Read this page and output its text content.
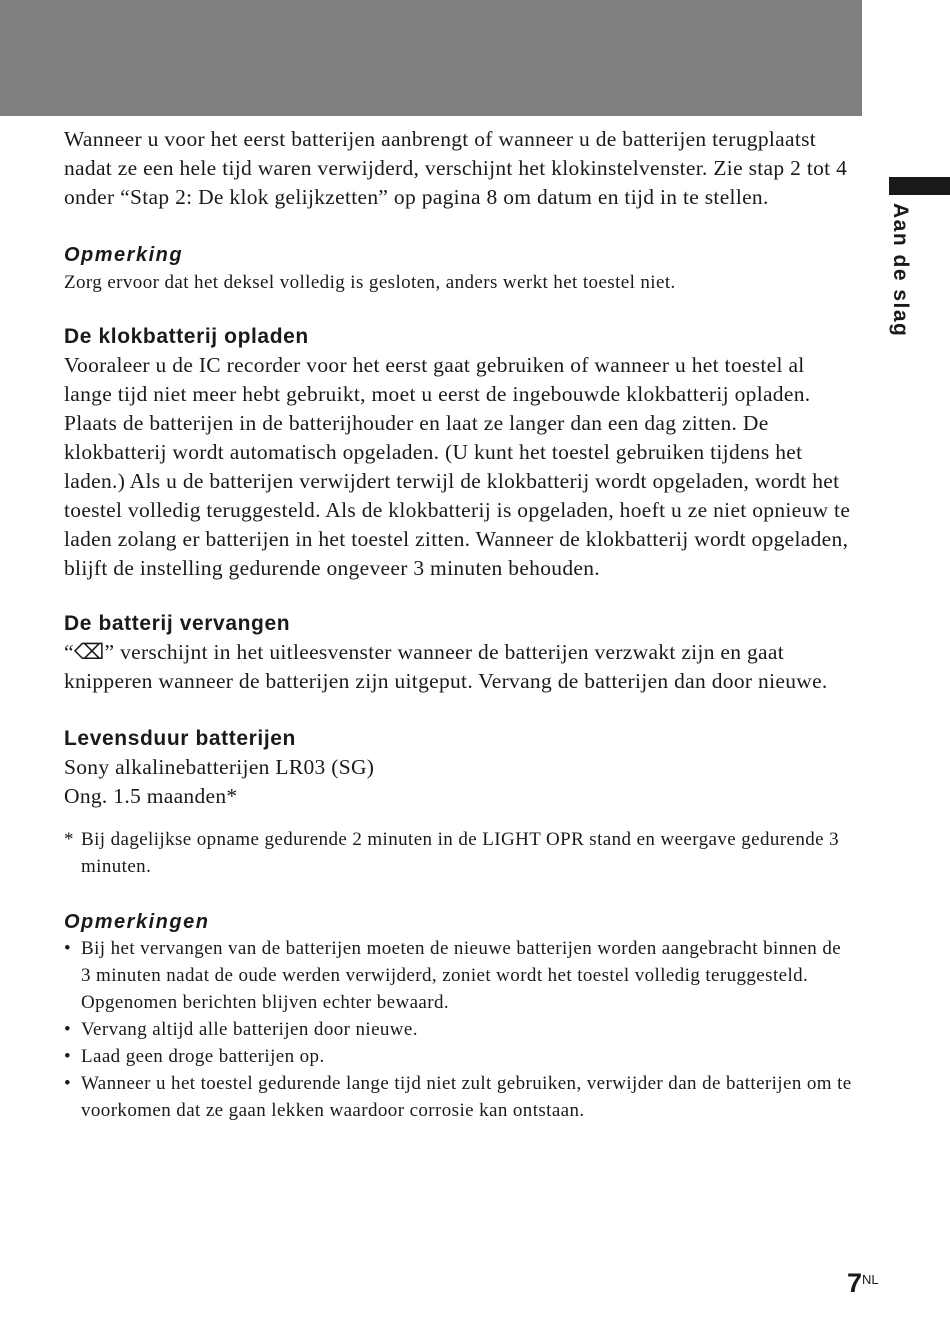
Aan de slag

Wanneer u voor het eerst batterijen aanbrengt of wanneer u de batterijen terugplaatst nadat ze een hele tijd waren verwijderd, verschijnt het klokinstelvenster. Zie stap 2 tot 4 onder “Stap 2: De klok gelijkzetten” op pagina 8 om datum en tijd in te stellen.

Opmerking

Zorg ervoor dat het deksel volledig is gesloten, anders werkt het toestel niet.

De klokbatterij opladen

Vooraleer u de IC recorder voor het eerst gaat gebruiken of wanneer u het toestel al lange tijd niet meer hebt gebruikt, moet u eerst de ingebouwde klokbatterij opladen. Plaats de batterijen in de batterijhouder en laat ze langer dan een dag zitten. De klokbatterij wordt automatisch opgeladen. (U kunt het toestel gebruiken tijdens het laden.) Als u de batterijen verwijdert terwijl de klokbatterij wordt opgeladen, wordt het toestel volledig teruggesteld. Als de klokbatterij is opgeladen, hoeft u ze niet opnieuw te laden zolang er batterijen in het toestel zitten. Wanneer de klokbatterij wordt opgeladen, blijft de instelling gedurende ongeveer 3 minuten behouden.

De batterij vervangen

“⌫” verschijnt in het uitleesvenster wanneer de batterijen verzwakt zijn en gaat knipperen wanneer de batterijen zijn uitgeput. Vervang de batterijen dan door nieuwe.

Levensduur batterijen

Sony alkalinebatterijen LR03 (SG)

Ong. 1.5 maanden*

* Bij dagelijkse opname gedurende 2 minuten in de LIGHT OPR stand en weergave gedurende 3 minuten.

Opmerkingen

• Bij het vervangen van de batterijen moeten de nieuwe batterijen worden aangebracht binnen de 3 minuten nadat de oude werden verwijderd, zoniet wordt het toestel volledig teruggesteld.
Opgenomen berichten blijven echter bewaard.
• Vervang altijd alle batterijen door nieuwe.
• Laad geen droge batterijen op.
• Wanneer u het toestel gedurende lange tijd niet zult gebruiken, verwijder dan de batterijen om te voorkomen dat ze gaan lekken waardoor corrosie kan ontstaan.
$7^{NL}$
